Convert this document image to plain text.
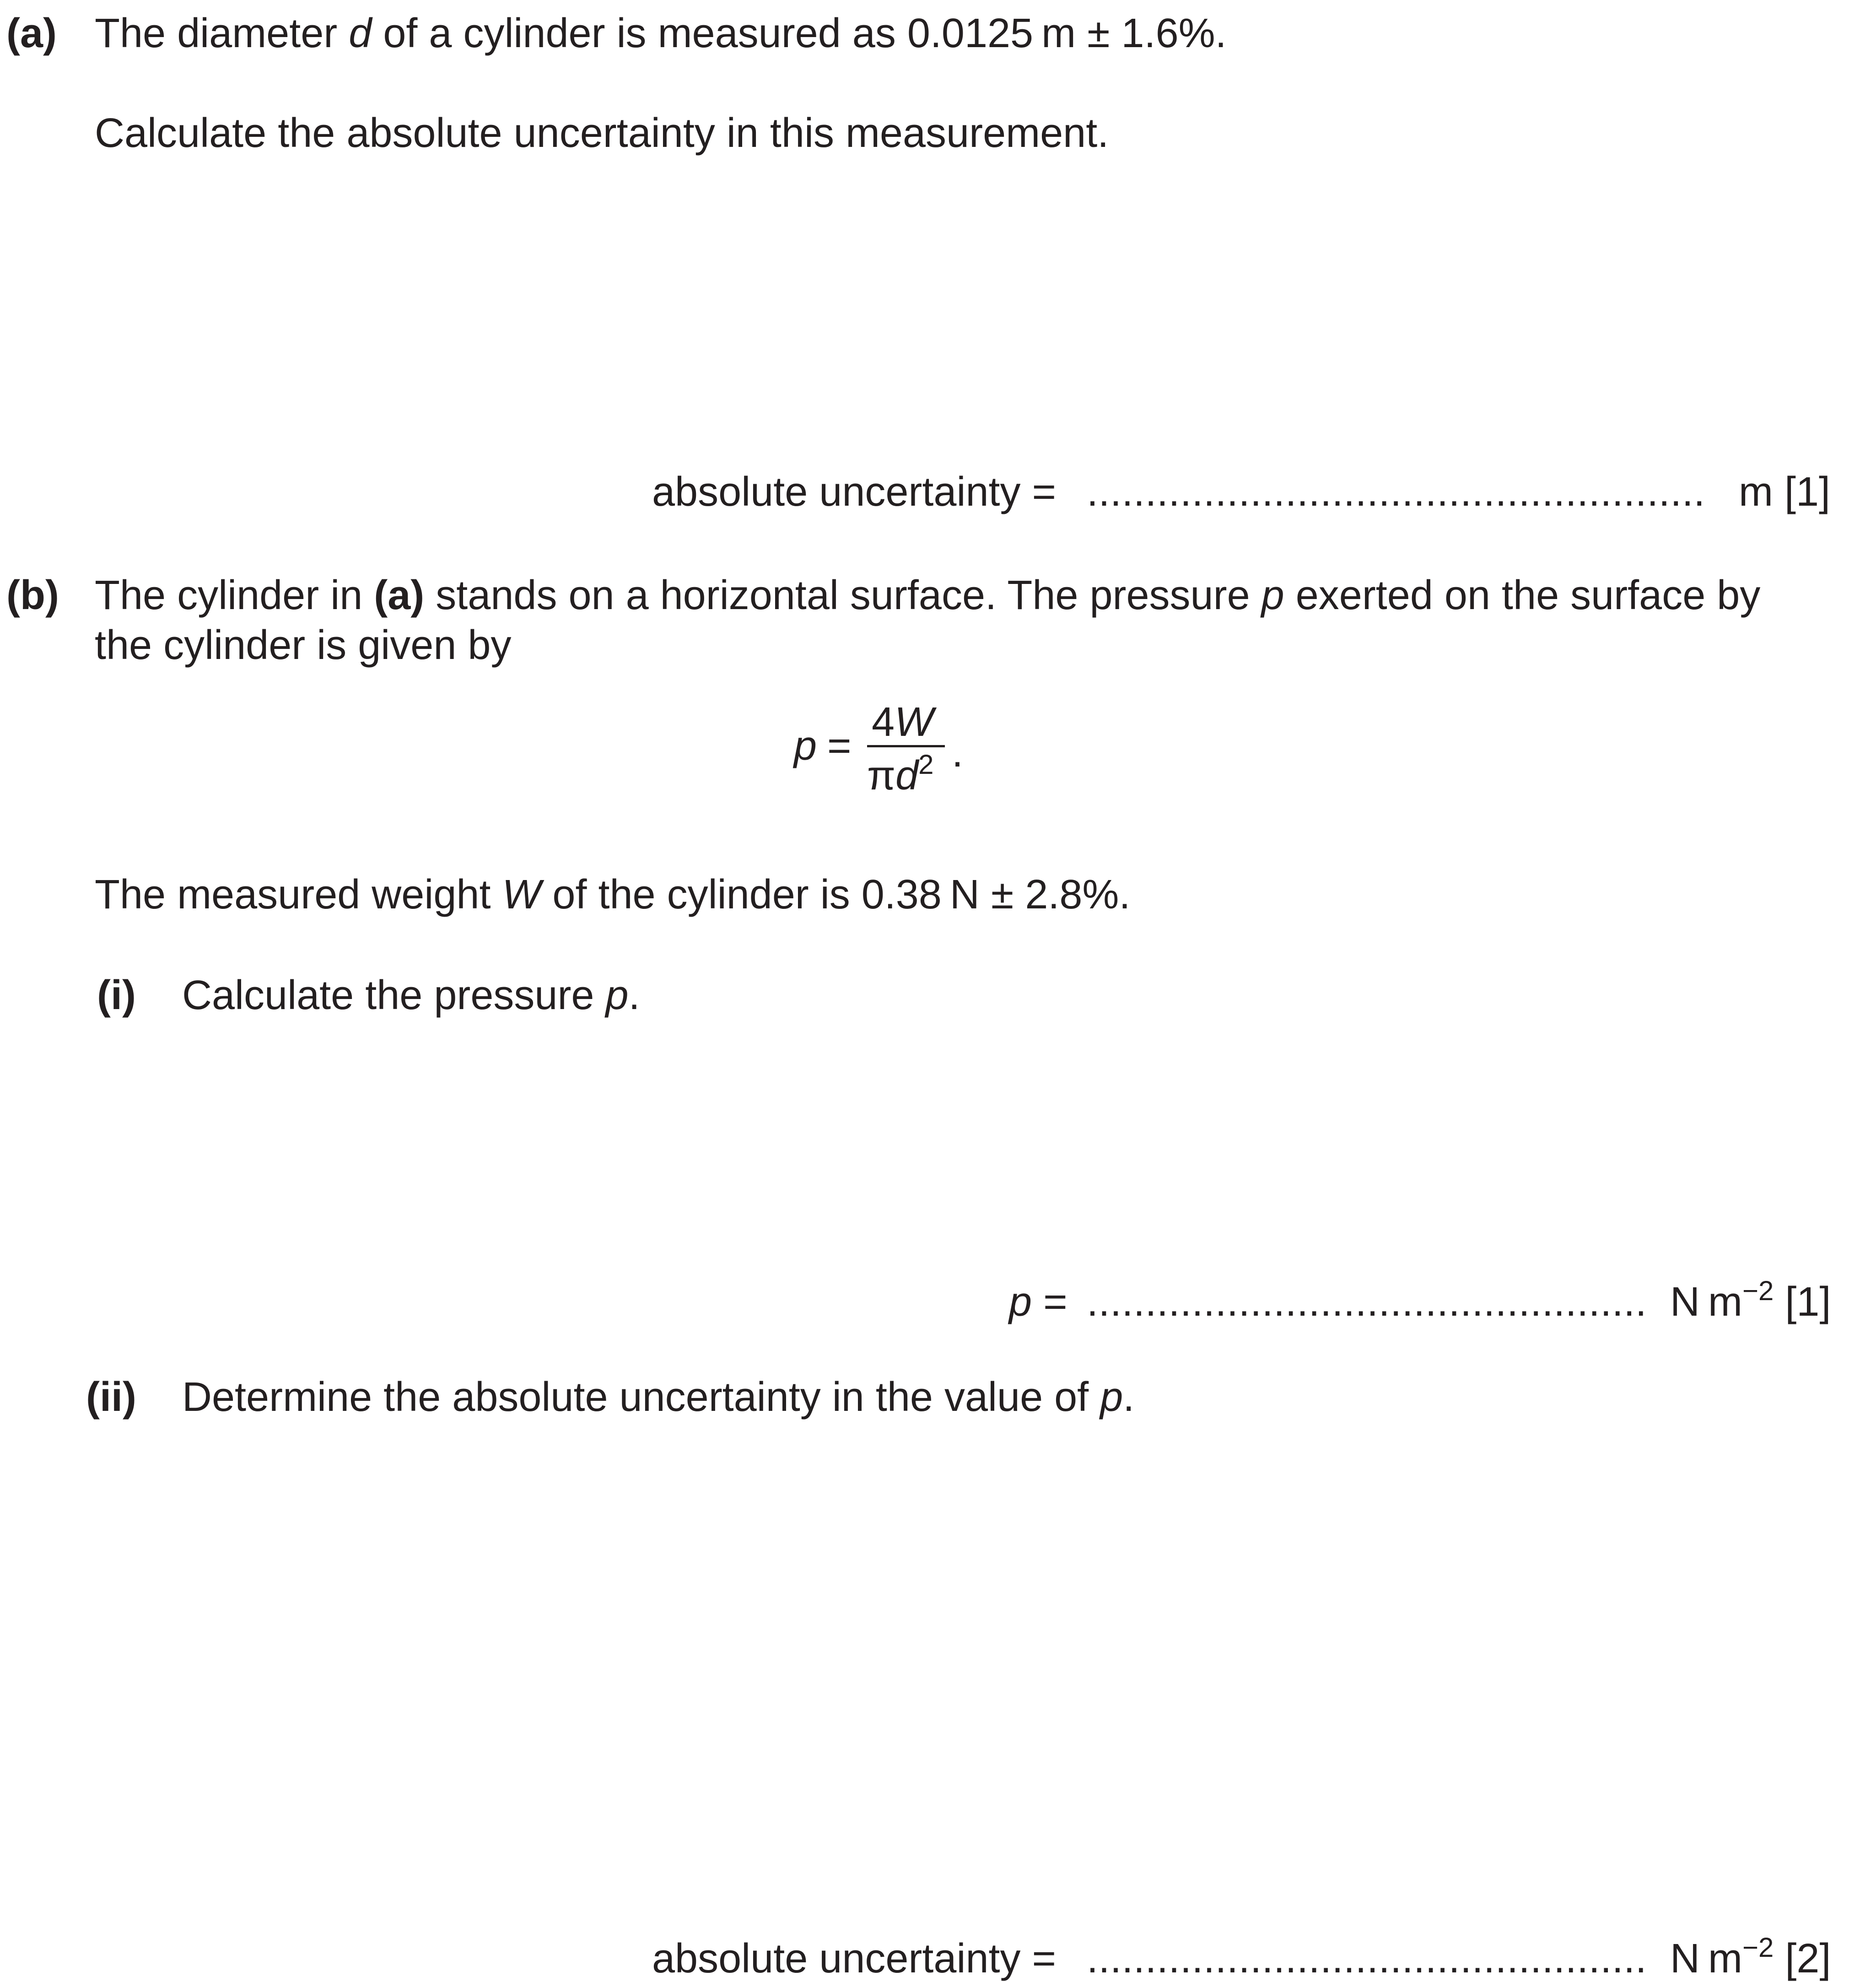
(a) The diameter d of a cylinder is measured as 0.0125 m ± 1.6%.
Calculate the absolute uncertainty in this measurement.
absolute uncertainty = ..................................................... m [1]
(b) The cylinder in (a) stands on a horizontal surface. The pressure p exerted on the surface by
the cylinder is given by
p =
4W
$\pi d^2$ .
The measured weight W of the cylinder is 0.38 N ± 2.8%.
(i) Calculate the pressure p.
p = ................................................ N $m^{-2}$ [1]
(ii) Determine the absolute uncertainty in the value of p.
absolute uncertainty = ................................................ N $m^{-2}$ [2]
